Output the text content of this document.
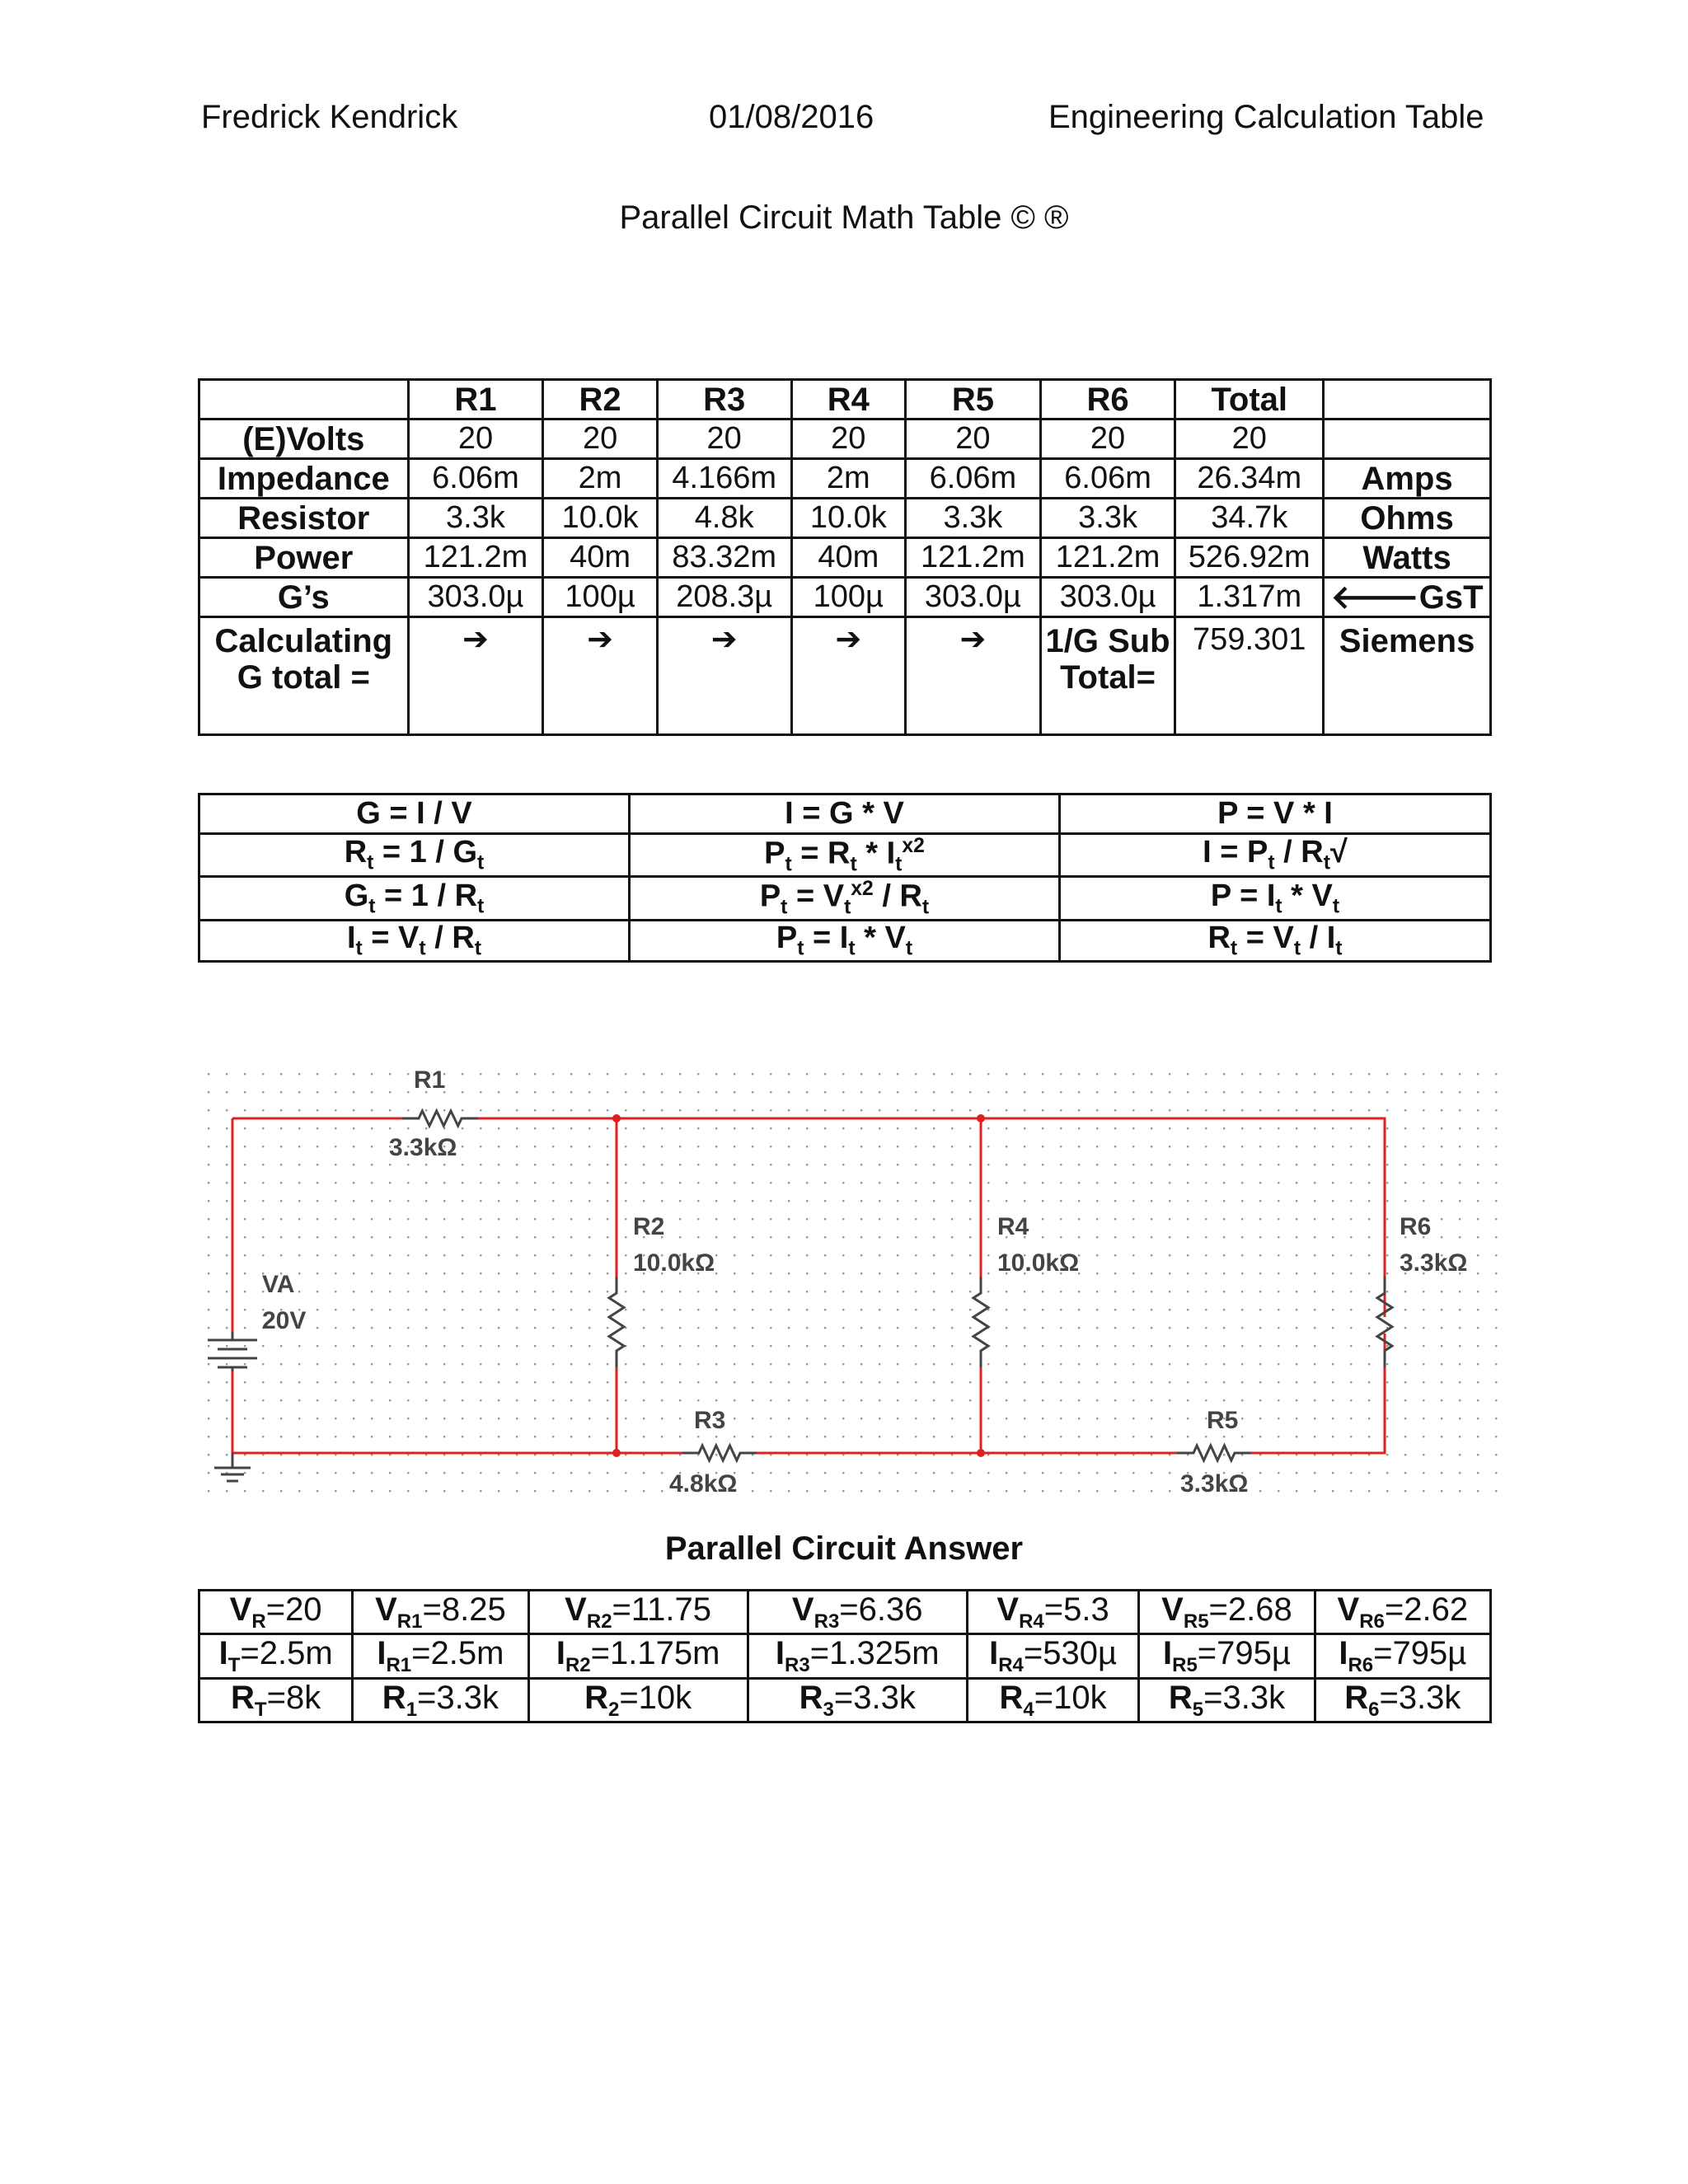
Fredrick Kendrick	01/08/2016	Engineering Calculation Table
Parallel Circuit Math Table © ®
	R1	R2	R3	R4	R5	R6	Total	
(E)Volts	20	20	20	20	20	20	20	
Impedance	6.06m	2m	4.166m	2m	6.06m	6.06m	26.34m	Amps
Resistor	3.3k	10.0k	4.8k	10.0k	3.3k	3.3k	34.7k	Ohms
Power	121.2m	40m	83.32m	40m	121.2m	121.2m	526.92m	Watts
G’s	303.0µ	100µ	208.3µ	100µ	303.0µ	303.0µ	1.317m	🡐GsT
Calculating G total =	➔	➔	➔	➔	➔	1/G Sub Total=	759.301	Siemens
G = I / V	I = G * V	P = V * I
$R_t = 1 / G_t$	$P_t = R_t * I_t^{x2}$	$I = P_t / R_t√$
$G_t = 1 / R_t$	$P_t = V_t^{x2} / R_t$	$P = I_t * V_t$
$I_t = V_t / R_t$	$P_t = I_t * V_t$	$R_t = V_t / I_t$
R1
3.3kΩ
R2
10.0kΩ
R3
4.8kΩ
R4
10.0kΩ
R5
3.3kΩ
R6
3.3kΩ
VA
20V
Parallel Circuit Answer
$V_R=20$	$V_{R1}=8.25$	$V_{R2}=11.75$	$V_{R3}=6.36$	$V_{R4}=5.3$	$V_{R5}=2.68$	$V_{R6}=2.62$
$I_T=2.5m$	$I_{R1}=2.5m$	$I_{R2}=1.175m$	$I_{R3}=1.325m$	$I_{R4}=530\mu$	$I_{R5}=795\mu$	$I_{R6}=795\mu$
$R_T=8k$	$R_1=3.3k$	$R_2=10k$	$R_3=3.3k$	$R_4=10k$	$R_5=3.3k$	$R_6=3.3k$
